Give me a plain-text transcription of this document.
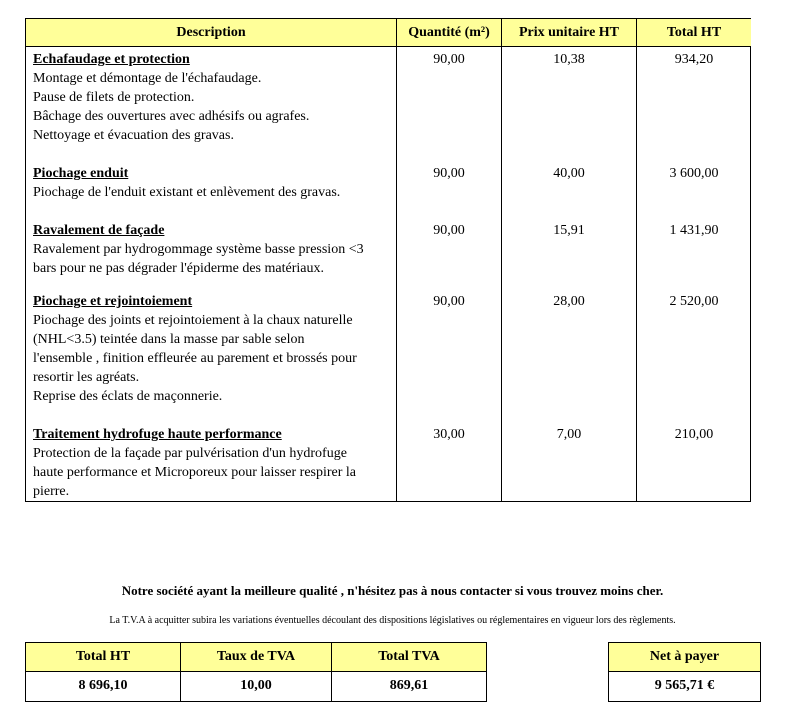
Description	Quantité (m²)	Prix unitaire HT	Total HT
Echafaudage et protection
Montage et démontage de l'échafaudage.
Pause de filets de protection.
Bâchage des ouvertures avec adhésifs ou agrafes.
Nettoyage et évacuation des gravas.
90,00	10,38	934,20
Piochage enduit
Piochage de l'enduit existant et enlèvement des gravas.
90,00	40,00	3 600,00
Ravalement de façade
Ravalement par hydrogommage système basse pression <3
bars pour ne pas dégrader l'épiderme des matériaux.
90,00	15,91	1 431,90
Piochage et rejointoiement
Piochage des joints et rejointoiement à la chaux naturelle
(NHL<3.5) teintée dans la masse par sable selon
l'ensemble , finition effleurée au parement et brossés pour
resortir les agréats.
Reprise des éclats de maçonnerie.
90,00	28,00	2 520,00
Traitement hydrofuge haute performance
Protection de la façade par pulvérisation d'un hydrofuge
haute performance et Microporeux pour laisser respirer la
pierre.
30,00	7,00	210,00
Notre société ayant la meilleure qualité , n'hésitez pas à nous contacter si vous trouvez moins cher.
La T.V.A à acquitter subira les variations éventuelles découlant des dispositions législatives ou réglementaires en vigueur lors des règlements.
Total HT	Taux de TVA	Total TVA
8 696,10	10,00	869,61
Net à payer
9 565,71 €
